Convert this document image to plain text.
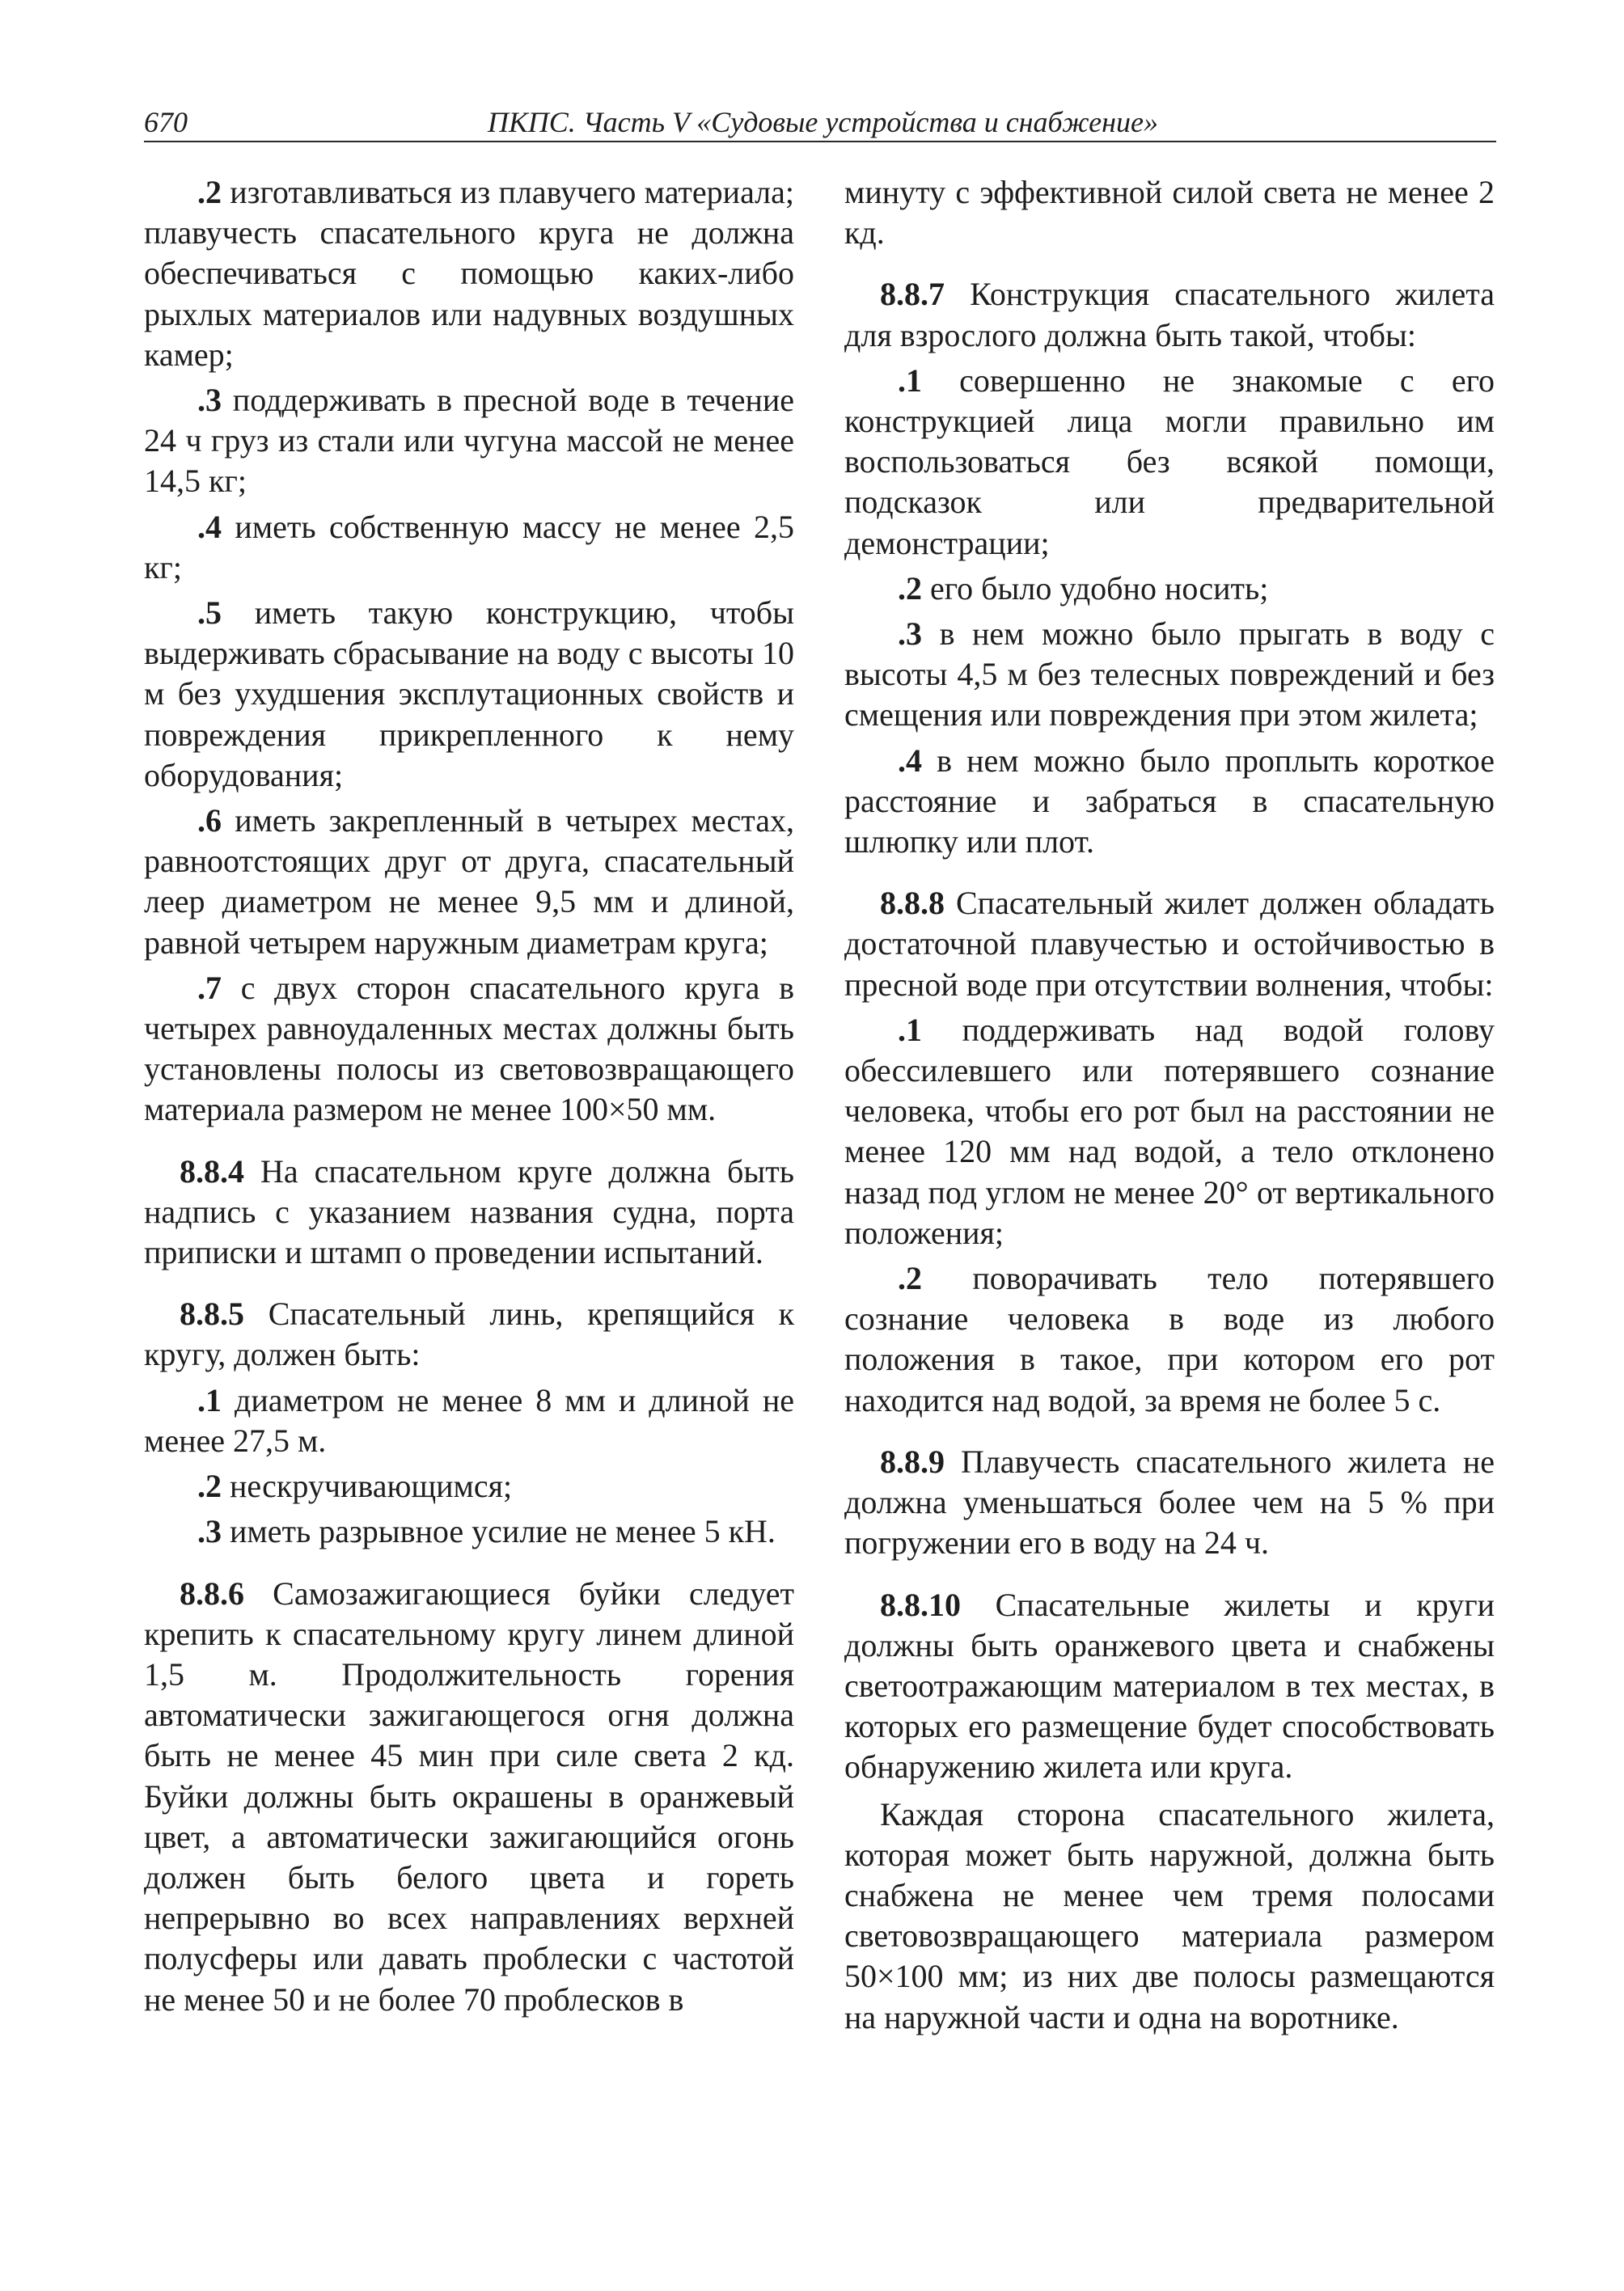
670	ПКПС. Часть V «Судовые устройства и снабжение»

.2 изготавливаться из плавучего материала; плавучесть спасательного круга не должна обеспечиваться с помощью каких-либо рыхлых материалов или надувных воздушных камер;

.3 поддерживать в пресной воде в течение 24 ч груз из стали или чугуна массой не менее 14,5 кг;

.4 иметь собственную массу не менее 2,5 кг;

.5 иметь такую конструкцию, чтобы выдерживать сбрасывание на воду с высоты 10 м без ухудшения эксплутационных свойств и повреждения прикрепленного к нему оборудования;

.6 иметь закрепленный в четырех местах, равноотстоящих друг от друга, спасательный леер диаметром не менее 9,5 мм и длиной, равной четырем наружным диаметрам круга;

.7 с двух сторон спасательного круга в четырех равноудаленных местах должны быть установлены полосы из световозвращающего материала размером не менее 100×50 мм.

8.8.4 На спасательном круге должна быть надпись с указанием названия судна, порта приписки и штамп о проведении испытаний.

8.8.5 Спасательный линь, крепящийся к кругу, должен быть:

.1 диаметром не менее 8 мм и длиной не менее 27,5 м.

.2 нескручивающимся;

.3 иметь разрывное усилие не менее 5 кН.

8.8.6 Самозажигающиеся буйки следует крепить к спасательному кругу линем длиной 1,5 м. Продолжительность горения автоматически зажигающегося огня должна быть не менее 45 мин при силе света 2 кд. Буйки должны быть окрашены в оранжевый цвет, а автоматически зажигающийся огонь должен быть белого цвета и гореть непрерывно во всех направлениях верхней полусферы или давать проблески с частотой не менее 50 и не более 70 проблесков в

минуту с эффективной силой света не менее 2 кд.

8.8.7 Конструкция спасательного жилета для взрослого должна быть такой, чтобы:

.1 совершенно не знакомые с его конструкцией лица могли правильно им воспользоваться без всякой помощи, подсказок или предварительной демонстрации;

.2 его было удобно носить;

.3 в нем можно было прыгать в воду с высоты 4,5 м без телесных повреждений и без смещения или повреждения при этом жилета;

.4 в нем можно было проплыть короткое расстояние и забраться в спасательную шлюпку или плот.

8.8.8 Спасательный жилет должен обладать достаточной плавучестью и остойчивостью в пресной воде при отсутствии волнения, чтобы:

.1 поддерживать над водой голову обессилевшего или потерявшего сознание человека, чтобы его рот был на расстоянии не менее 120 мм над водой, а тело отклонено назад под углом не менее 20° от вертикального положения;

.2 поворачивать тело потерявшего сознание человека в воде из любого положения в такое, при котором его рот находится над водой, за время не более 5 с.

8.8.9 Плавучесть спасательного жилета не должна уменьшаться более чем на 5 % при погружении его в воду на 24 ч.

8.8.10 Спасательные жилеты и круги должны быть оранжевого цвета и снабжены светоотражающим материалом в тех местах, в которых его размещение будет способствовать обнаружению жилета или круга.

Каждая сторона спасательного жилета, которая может быть наружной, должна быть снабжена не менее чем тремя полосами световозвращающего материала размером 50×100 мм; из них две полосы размещаются на наружной части и одна на воротнике.
